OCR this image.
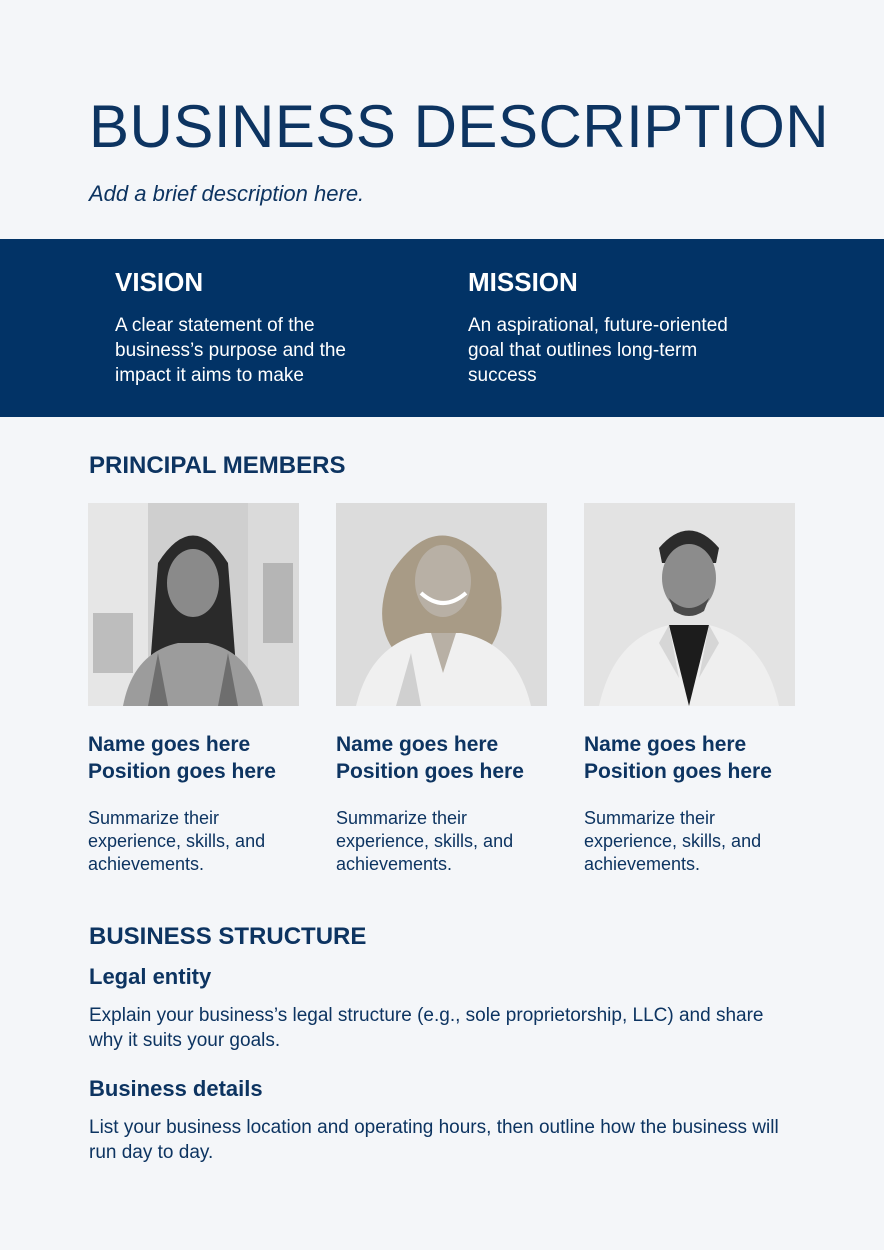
BUSINESS DESCRIPTION

Add a brief description here.

VISION

A clear statement of the business’s purpose and the impact it aims to make

MISSION

An aspirational, future-oriented goal that outlines long-term success

PRINCIPAL MEMBERS

Name goes here

Position goes here

Summarize their experience, skills, and achievements.

Name goes here

Position goes here

Summarize their experience, skills, and achievements.

Name goes here

Position goes here

Summarize their experience, skills, and achievements.

BUSINESS STRUCTURE
Legal entity

Explain your business’s legal structure (e.g., sole proprietorship, LLC) and share why it suits your goals.

Business details

List your business location and operating hours, then outline how the business will run day to day.
